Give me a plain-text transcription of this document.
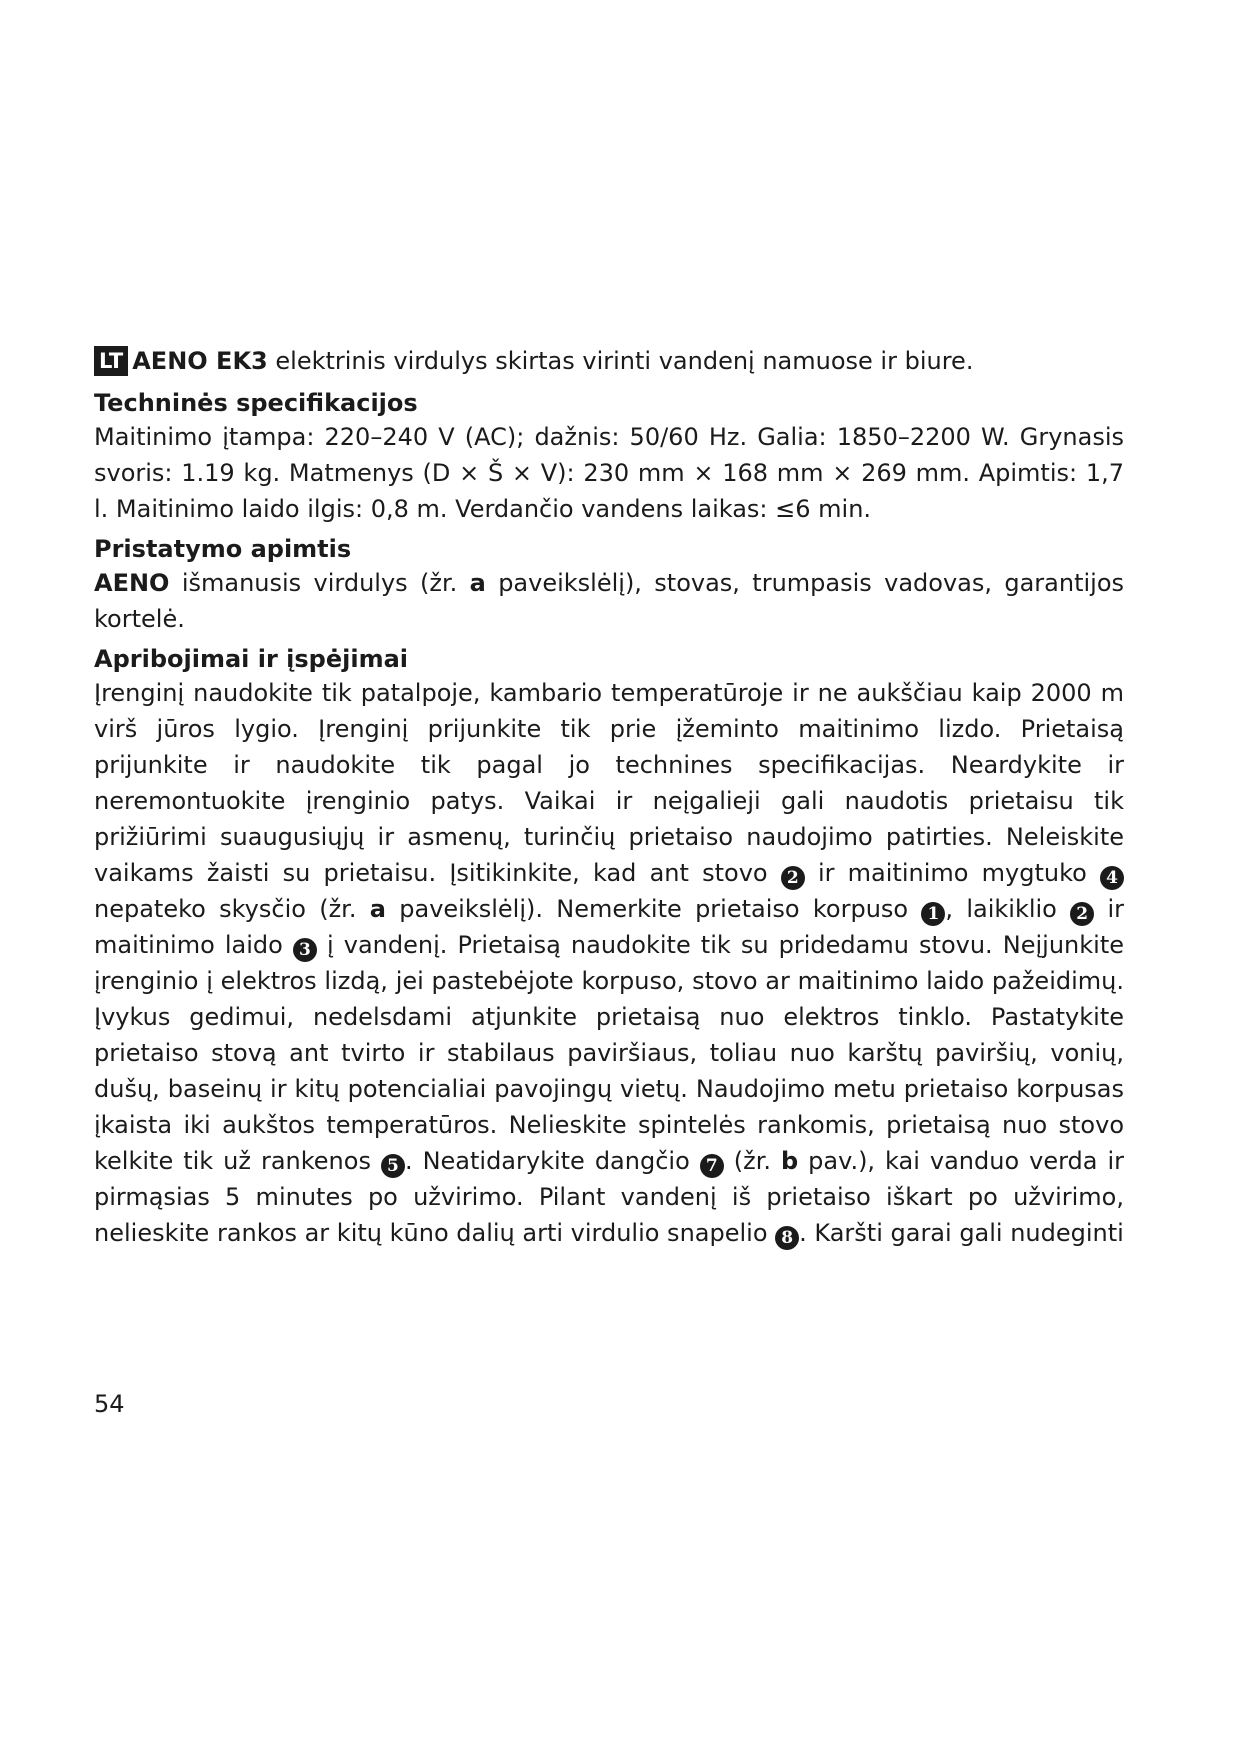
LT AENO EK3 elektrinis virdulys skirtas virinti vandenį namuose ir biure.

Techninės specifikacijos

Maitinimo įtampa: 220–240 V (AC); dažnis: 50/60 Hz. Galia: 1850–2200 W. Grynasis svoris: 1.19 kg. Matmenys (D × Š × V): 230 mm × 168 mm × 269 mm. Apimtis: 1,7 l. Maitinimo laido ilgis: 0,8 m. Verdančio vandens laikas: ≤6 min.

Pristatymo apimtis

AENO išmanusis virdulys (žr. a paveikslėlį), stovas, trumpasis vadovas, garantijos kortelė.

Apribojimai ir įspėjimai

Įrenginį naudokite tik patalpoje, kambario temperatūroje ir ne aukščiau kaip 2000 m virš jūros lygio. Įrenginį prijunkite tik prie įžeminto maitinimo lizdo. Prietaisą prijunkite ir naudokite tik pagal jo technines specifikacijas. Neardykite ir neremontuokite įrenginio patys. Vaikai ir neįgalieji gali naudotis prietaisu tik prižiūrimi suaugusiųjų ir asmenų, turinčių prietaiso naudojimo patirties. Neleiskite vaikams žaisti su prietaisu. Įsitikinkite, kad ant stovo 2 ir maitinimo mygtuko 4 nepateko skysčio (žr. a paveikslėlį). Nemerkite prietaiso korpuso 1 , laikiklio 2 ir maitinimo laido 3 į vandenį. Prietaisą naudokite tik su pridedamu stovu. Neįjunkite įrenginio į elektros lizdą, jei pastebėjote korpuso, stovo ar maitinimo laido pažeidimų. Įvykus gedimui, nedelsdami atjunkite prietaisą nuo elektros tinklo. Pastatykite prietaiso stovą ant tvirto ir stabilaus paviršiaus, toliau nuo karštų paviršių, vonių, dušų, baseinų ir kitų potencialiai pavojingų vietų. Naudojimo metu prietaiso korpusas įkaista iki aukštos temperatūros. Nelieskite spintelės rankomis, prietaisą nuo stovo kelkite tik už rankenos 5 . Neatidarykite dangčio 7 (žr. b pav.), kai vanduo verda ir pirmąsias 5 minutes po užvirimo. Pilant vandenį iš prietaiso iškart po užvirimo, nelieskite rankos ar kitų kūno dalių arti virdulio snapelio 8 . Karšti garai gali nudeginti

54
